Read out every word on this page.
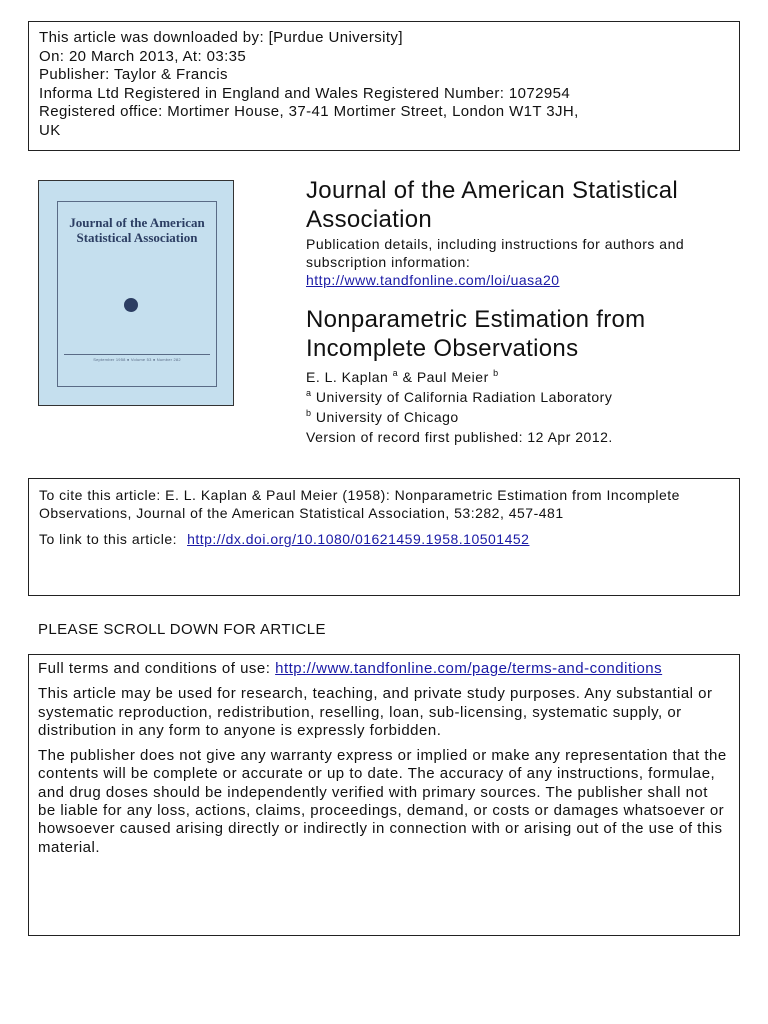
This article was downloaded by: [Purdue University]
On: 20 March 2013, At: 03:35
Publisher: Taylor & Francis
Informa Ltd Registered in England and Wales Registered Number: 1072954
Registered office: Mortimer House, 37-41 Mortimer Street, London W1T 3JH,
UK
Journal of the American Statistical Association
September 1958 ● Volume 53 ● Number 282
Journal of the American Statistical Association
Publication details, including instructions for authors and subscription information:
http://www.tandfonline.com/loi/uasa20
Nonparametric Estimation from Incomplete Observations
E. L. Kaplan $^a$ & Paul Meier $^b$
$^a$ University of California Radiation Laboratory
$^b$ University of Chicago
Version of record first published: 12 Apr 2012.
To cite this article: E. L. Kaplan & Paul Meier (1958): Nonparametric Estimation from Incomplete Observations, Journal of the American Statistical Association, 53:282, 457-481
To link to this article: http://dx.doi.org/10.1080/01621459.1958.10501452
PLEASE SCROLL DOWN FOR ARTICLE

Full terms and conditions of use: http://www.tandfonline.com/page/terms-and-conditions

This article may be used for research, teaching, and private study purposes. Any substantial or systematic reproduction, redistribution, reselling, loan, sub-licensing, systematic supply, or distribution in any form to anyone is expressly forbidden.

The publisher does not give any warranty express or implied or make any representation that the contents will be complete or accurate or up to date. The accuracy of any instructions, formulae, and drug doses should be independently verified with primary sources. The publisher shall not be liable for any loss, actions, claims, proceedings, demand, or costs or damages whatsoever or howsoever caused arising directly or indirectly in connection with or arising out of the use of this material.
